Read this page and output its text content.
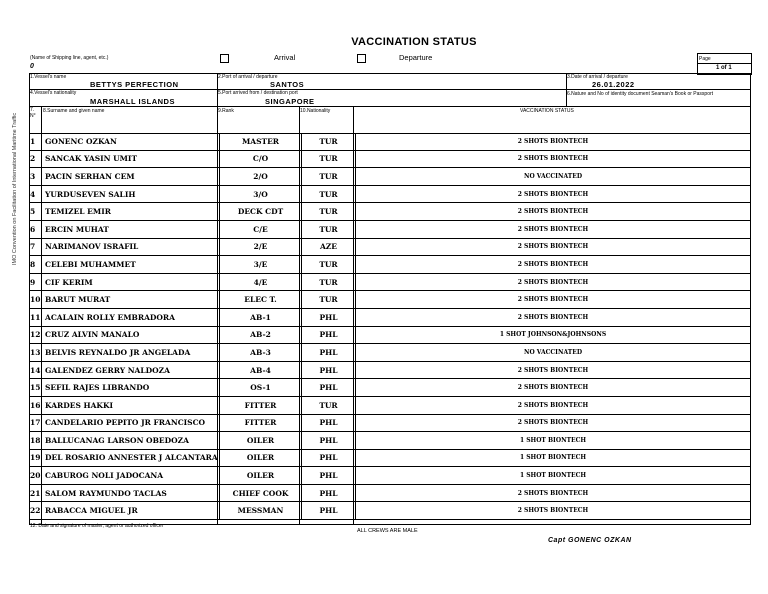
VACCINATION STATUS
IMO Convention on Facilitation of International Maritime Traffic
(Name of Shipping line, agent, etc.)
0
Arrival	Departure	Page
1 of 1
1.Vessel's name
BETTYS PERFECTION
2.Port of arrival / departure
SANTOS
3.Date of arrival / departure
26.01.2022
4.Vessel's nationality
MARSHALL ISLANDS
5.Port arrived from / destination port
SINGAPORE
6.Nature and No of identity document Seaman's Book or Passport
7. N°
8.Surname and given name	9.Rank	10.Nationality	VACCINATION STATUS
1	GONENC OZKAN	MASTER	TUR	2 SHOTS BIONTECH
2	SANCAK YASIN UMIT	C/O	TUR	2 SHOTS BIONTECH
3	PACIN SERHAN CEM	2/O	TUR	NO VACCINATED
4	YURDUSEVEN SALIH	3/O	TUR	2 SHOTS BIONTECH
5	TEMIZEL EMIR	DECK CDT	TUR	2 SHOTS BIONTECH
6	ERCIN MUHAT	C/E	TUR	2 SHOTS BIONTECH
7	NARIMANOV ISRAFIL	2/E	AZE	2 SHOTS BIONTECH
8	CELEBI MUHAMMET	3/E	TUR	2 SHOTS BIONTECH
9	CIF KERIM	4/E	TUR	2 SHOTS BIONTECH
10	BARUT MURAT	ELEC T.	TUR	2 SHOTS BIONTECH
11	ACALAIN ROLLY EMBRADORA	AB-1	PHL	2 SHOTS BIONTECH
12	CRUZ ALVIN MANALO	AB-2	PHL	1 SHOT JOHNSON&JOHNSONS
13	BELVIS REYNALDO JR ANGELADA	AB-3	PHL	NO VACCINATED
14	GALENDEZ GERRY NALDOZA	AB-4	PHL	2 SHOTS BIONTECH
15	SEFIL RAJES LIBRANDO	OS-1	PHL	2 SHOTS BIONTECH
16	KARDES HAKKI	FITTER	TUR	2 SHOTS BIONTECH
17	CANDELARIO PEPITO JR FRANCISCO	FITTER	PHL	2 SHOTS BIONTECH
18	BALLUCANAG LARSON OBEDOZA	OILER	PHL	1 SHOT BIONTECH
19	DEL ROSARIO ANNESTER J ALCANTARA	OILER	PHL	1 SHOT BIONTECH
20	CABUROG NOLI JADOCANA	OILER	PHL	1 SHOT BIONTECH
21	SALOM RAYMUNDO TACLAS	CHIEF COOK	PHL	2 SHOTS BIONTECH
22	RABACCA MIGUEL JR	MESSMAN	PHL	2 SHOTS BIONTECH
12. Date and signature of master, agent or authorized officer
ALL CREWS ARE MALE
Capt GONENC OZKAN
